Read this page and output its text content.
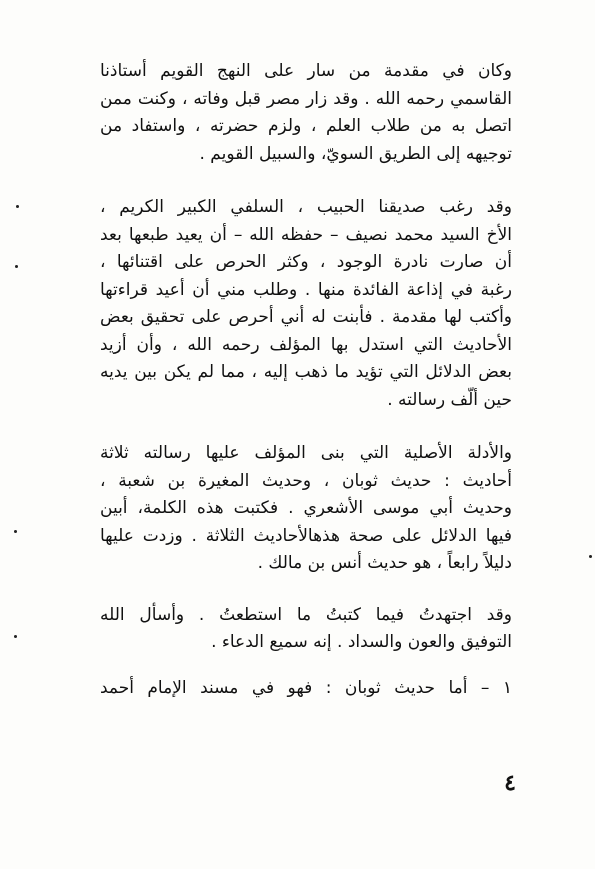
وكان في مقدمة من سار على النهج القويم أستاذنا
القاسمي رحمه الله . وقد زار مصر قبل وفاته ، وكنت ممن
اتصل به من طلاب العلم ، ولزم حضرته ، واستفاد من
توجيهه إلى الطريق السويّ، والسبيل القويم .
وقد رغب صديقنا الحبيب ، السلفي الكبير الكريم ،
الأخ السيد محمد نصيف – حفظه الله – أن يعيد طبعها بعد
أن صارت نادرة الوجود ، وكثر الحرص على اقتنائها ،
رغبة في إذاعة الفائدة منها . وطلب مني أن أعيد قراءتها
وأكتب لها مقدمة . فأبنت له أني أحرص على تحقيق بعض
الأحاديث التي استدل بها المؤلف رحمه الله ، وأن أزيد
بعض الدلائل التي تؤيد ما ذهب إليه ، مما لم يكن بين يديه
حين ألّف رسالته .
والأدلة الأصلية التي بنى المؤلف عليها رسالته ثلاثة
أحاديث : حديث ثوبان ، وحديث المغيرة بن شعبة ،
وحديث أبي موسى الأشعري . فكتبت هذه الكلمة، أبين
فيها الدلائل على صحة هذهالأحاديث الثلاثة . وزدت عليها
دليلاً رابعاً ، هو حديث أنس بن مالك .
وقد اجتهدتُ فيما كتبتُ ما استطعتُ . وأسأل الله
التوفيق والعون والسداد . إنه سميع الدعاء .
١ – أما حديث ثوبان : فهو في مسند الإمام أحمد
٤
